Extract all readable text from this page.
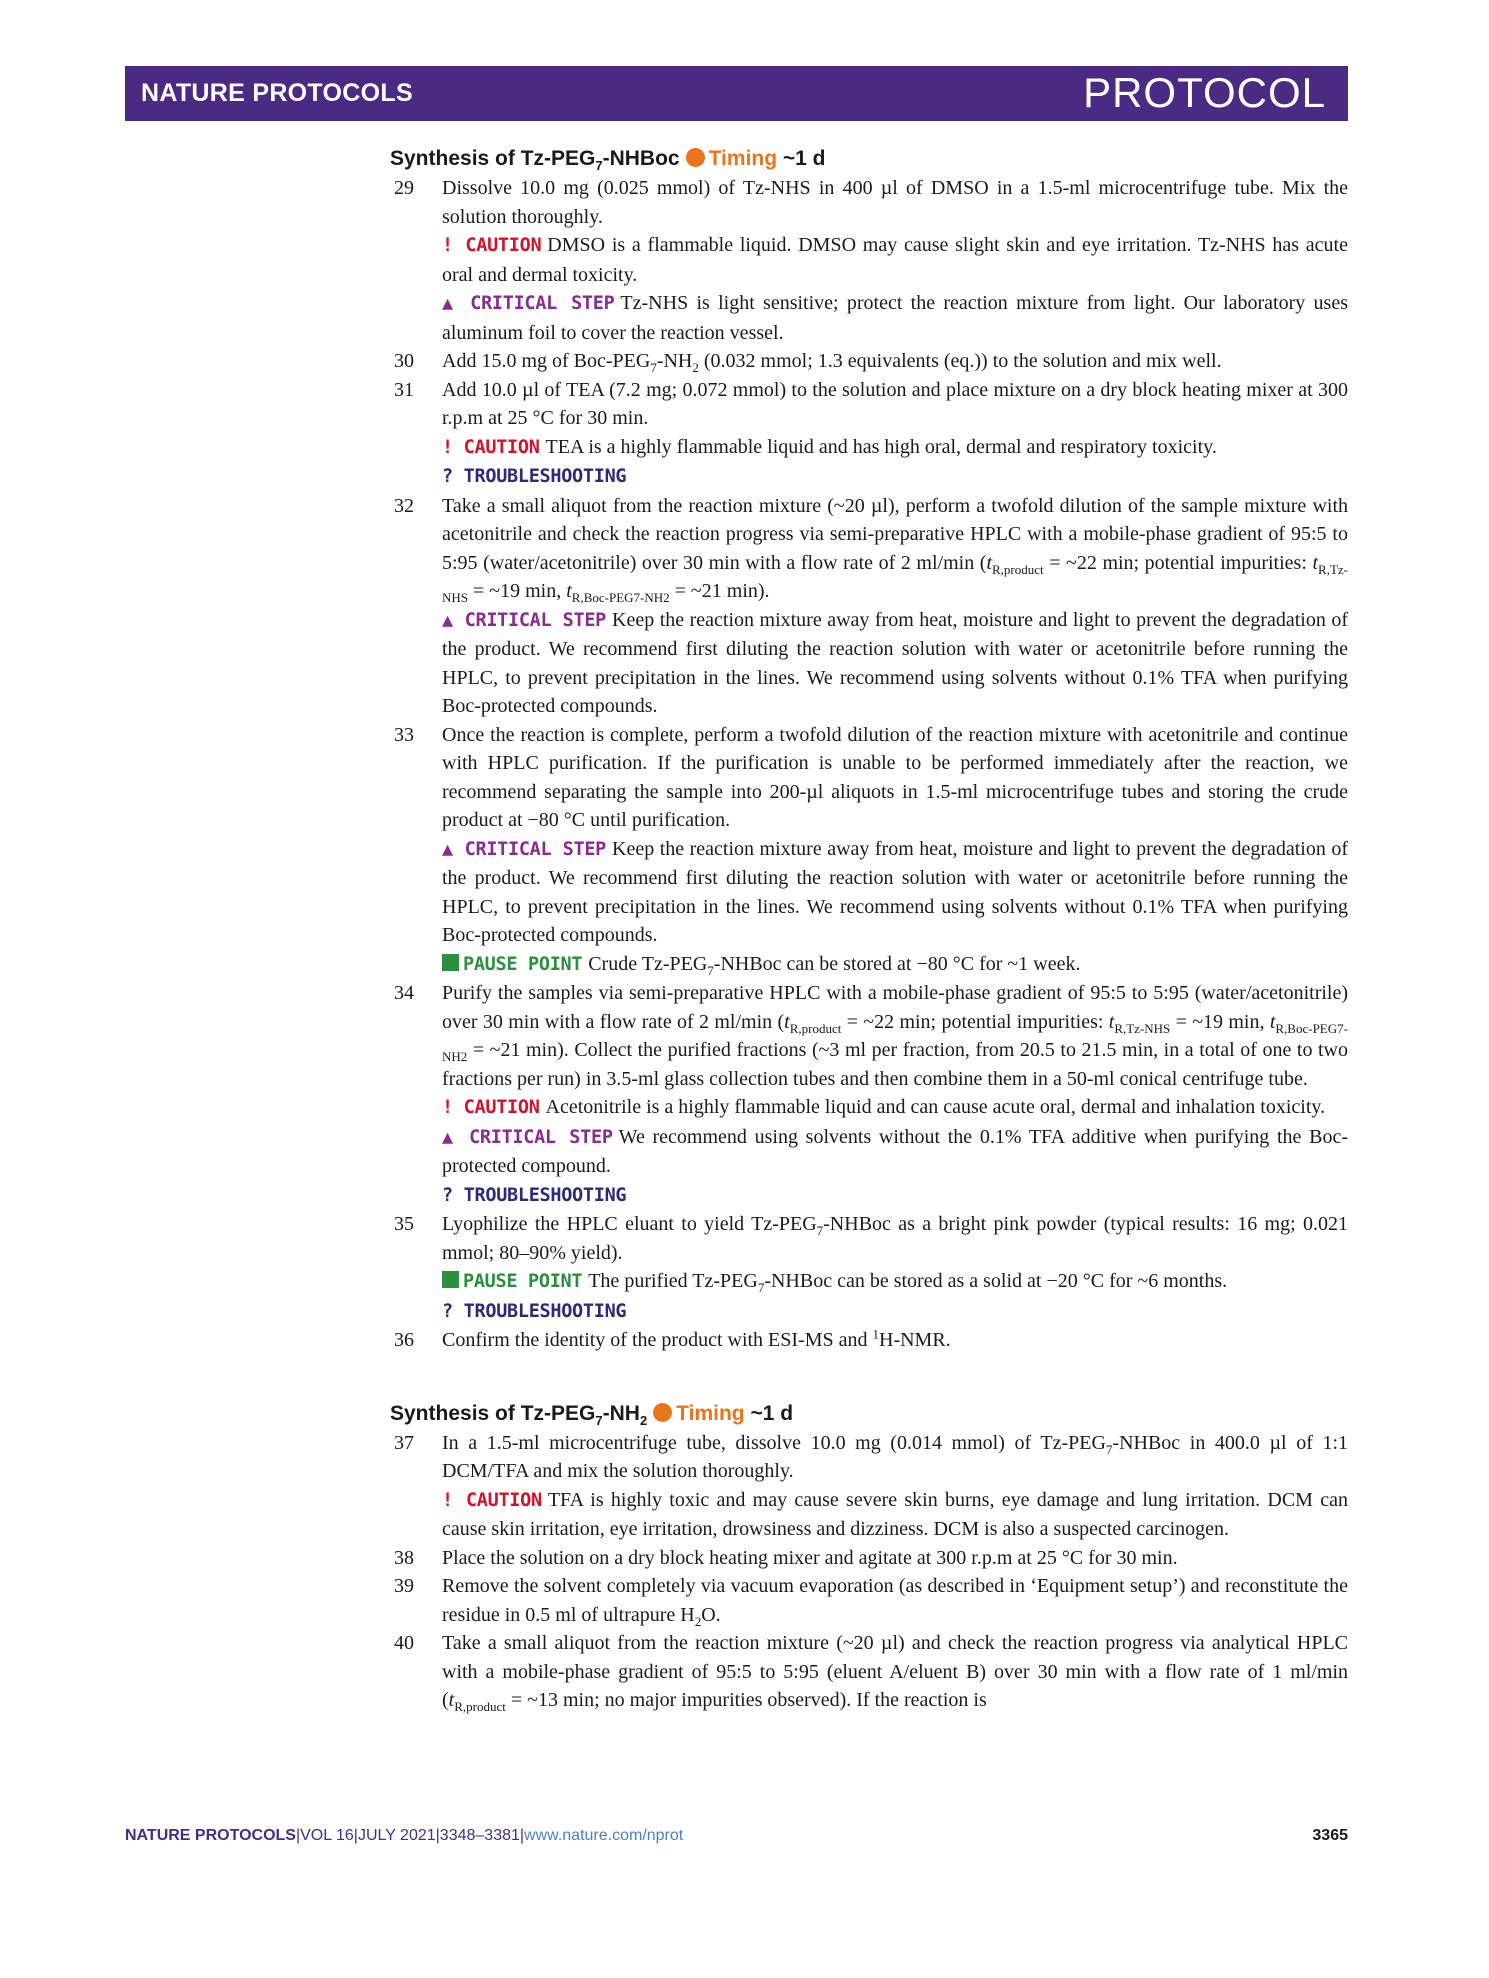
NATURE PROTOCOLS	PROTOCOL
Synthesis of $Tz-PEG_7$-NHBoc Timing ~1 d
29 Dissolve 10.0 mg (0.025 mmol) of Tz-NHS in 400 µl of DMSO in a 1.5-ml microcentrifuge tube. Mix the solution thoroughly.
! CAUTION DMSO is a flammable liquid. DMSO may cause slight skin and eye irritation. Tz-NHS has acute oral and dermal toxicity.
▲ CRITICAL STEP Tz-NHS is light sensitive; protect the reaction mixture from light. Our laboratory uses aluminum foil to cover the reaction vessel.
30 Add 15.0 mg of Boc-$PEG_7-NH_2$ (0.032 mmol; 1.3 equivalents (eq.)) to the solution and mix well.
31 Add 10.0 µl of TEA (7.2 mg; 0.072 mmol) to the solution and place mixture on a dry block heating mixer at 300 r.p.m at 25 °C for 30 min.
! CAUTION TEA is a highly flammable liquid and has high oral, dermal and respiratory toxicity.
? TROUBLESHOOTING
32 Take a small aliquot from the reaction mixture (~20 µl), perform a twofold dilution of the sample mixture with acetonitrile and check the reaction progress via semi-preparative HPLC with a mobile-phase gradient of 95:5 to 5:95 (water/acetonitrile) over 30 min with a flow rate of 2 ml/min ($t_{R,product}$ = ~22 min; potential impurities: $t_{R,Tz-NHS}$ = ~19 min, $t_{R,Boc-PEG7-NH2}$ = ~21 min).
▲ CRITICAL STEP Keep the reaction mixture away from heat, moisture and light to prevent the degradation of the product. We recommend first diluting the reaction solution with water or acetonitrile before running the HPLC, to prevent precipitation in the lines. We recommend using solvents without 0.1% TFA when purifying Boc-protected compounds.
33 Once the reaction is complete, perform a twofold dilution of the reaction mixture with acetonitrile and continue with HPLC purification. If the purification is unable to be performed immediately after the reaction, we recommend separating the sample into 200-µl aliquots in 1.5-ml microcentrifuge tubes and storing the crude product at −80 °C until purification.
▲ CRITICAL STEP Keep the reaction mixture away from heat, moisture and light to prevent the degradation of the product. We recommend first diluting the reaction solution with water or acetonitrile before running the HPLC, to prevent precipitation in the lines. We recommend using solvents without 0.1% TFA when purifying Boc-protected compounds.
PAUSE POINT Crude $Tz-PEG_7$-NHBoc can be stored at −80 °C for ~1 week.
34 Purify the samples via semi-preparative HPLC with a mobile-phase gradient of 95:5 to 5:95 (water/acetonitrile) over 30 min with a flow rate of 2 ml/min ($t_{R,product}$ = ~22 min; potential impurities: $t_{R,Tz-NHS}$ = ~19 min, $t_{R,Boc-PEG7-NH2}$ = ~21 min). Collect the purified fractions (~3 ml per fraction, from 20.5 to 21.5 min, in a total of one to two fractions per run) in 3.5-ml glass collection tubes and then combine them in a 50-ml conical centrifuge tube.
! CAUTION Acetonitrile is a highly flammable liquid and can cause acute oral, dermal and inhalation toxicity.
▲ CRITICAL STEP We recommend using solvents without the 0.1% TFA additive when purifying the Boc-protected compound.
? TROUBLESHOOTING
35 Lyophilize the HPLC eluant to yield $Tz-PEG_7$-NHBoc as a bright pink powder (typical results: 16 mg; 0.021 mmol; 80–90% yield).
PAUSE POINT The purified $Tz-PEG_7$-NHBoc can be stored as a solid at −20 °C for ~6 months.
? TROUBLESHOOTING
36 Confirm the identity of the product with ESI-MS and $^1$H-NMR.
Synthesis of $Tz-PEG_7-NH_2$ Timing ~1 d
37 In a 1.5-ml microcentrifuge tube, dissolve 10.0 mg (0.014 mmol) of $Tz-PEG_7$-NHBoc in 400.0 µl of 1:1 DCM/TFA and mix the solution thoroughly.
! CAUTION TFA is highly toxic and may cause severe skin burns, eye damage and lung irritation. DCM can cause skin irritation, eye irritation, drowsiness and dizziness. DCM is also a suspected carcinogen.
38 Place the solution on a dry block heating mixer and agitate at 300 r.p.m at 25 °C for 30 min.
39 Remove the solvent completely via vacuum evaporation (as described in ‘Equipment setup’) and reconstitute the residue in 0.5 ml of ultrapure $H_2O$.
40 Take a small aliquot from the reaction mixture (~20 µl) and check the reaction progress via analytical HPLC with a mobile-phase gradient of 95:5 to 5:95 (eluent A/eluent B) over 30 min with a flow rate of 1 ml/min ($t_{R,product}$ = ~13 min; no major impurities observed). If the reaction is
NATURE PROTOCOLS|VOL 16|JULY 2021|3348–3381|www.nature.com/nprot	3365
